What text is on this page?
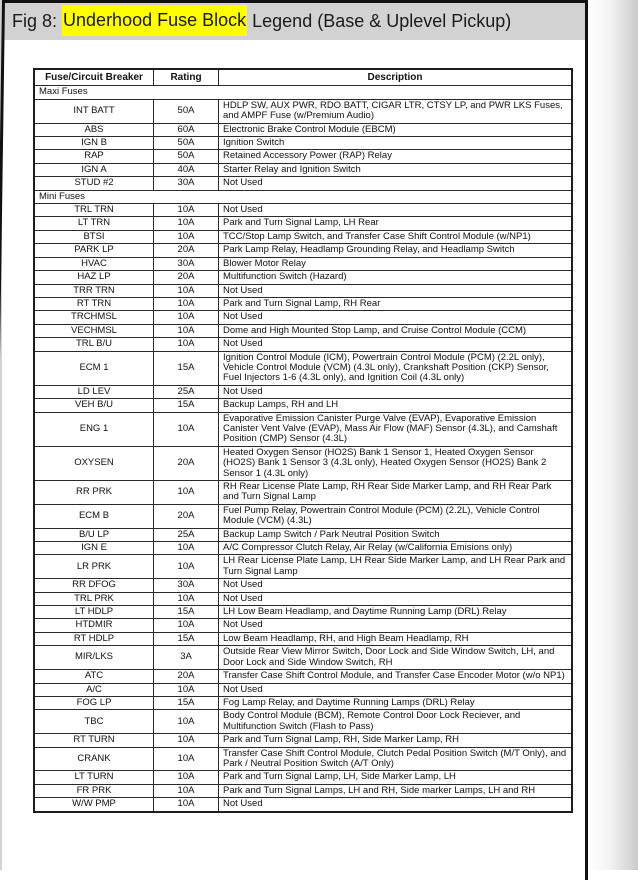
Fig 8: Underhood Fuse Block Legend (Base & Uplevel Pickup)
Fuse/Circuit Breaker	Rating	Description
Maxi Fuses		
INT BATT	50A	HDLP SW, AUX PWR, RDO BATT, CIGAR LTR, CTSY LP, and PWR LKS Fuses, and AMPF Fuse (w/Premium Audio)
ABS	60A	Electronic Brake Control Module (EBCM)
IGN B	50A	Ignition Switch
RAP	50A	Retained Accessory Power (RAP) Relay
IGN A	40A	Starter Relay and Ignition Switch
STUD #2	30A	Not Used
Mini Fuses		
TRL TRN	10A	Not Used
LT TRN	10A	Park and Turn Signal Lamp, LH Rear
BTSI	10A	TCC/Stop Lamp Switch, and Transfer Case Shift Control Module (w/NP1)
PARK LP	20A	Park Lamp Relay, Headlamp Grounding Relay, and Headlamp Switch
HVAC	30A	Blower Motor Relay
HAZ LP	20A	Multifunction Switch (Hazard)
TRR TRN	10A	Not Used
RT TRN	10A	Park and Turn Signal Lamp, RH Rear
TRCHMSL	10A	Not Used
VECHMSL	10A	Dome and High Mounted Stop Lamp, and Cruise Control Module (CCM)
TRL B/U	10A	Not Used
ECM 1	15A	Ignition Control Module (ICM), Powertrain Control Module (PCM) (2.2L only), Vehicle Control Module (VCM) (4.3L only), Crankshaft Position (CKP) Sensor, Fuel Injectors 1-6 (4.3L only), and Ignition Coil (4.3L only)
LD LEV	25A	Not Used
VEH B/U	15A	Backup Lamps, RH and LH
ENG 1	10A	Evaporative Emission Canister Purge Valve (EVAP), Evaporative Emission Canister Vent Valve (EVAP), Mass Air Flow (MAF) Sensor (4.3L), and Camshaft Position (CMP) Sensor (4.3L)
OXYSEN	20A	Heated Oxygen Sensor (HO2S) Bank 1 Sensor 1, Heated Oxygen Sensor (HO2S) Bank 1 Sensor 3 (4.3L only), Heated Oxygen Sensor (HO2S) Bank 2 Sensor 1 (4.3L only)
RR PRK	10A	RH Rear License Plate Lamp, RH Rear Side Marker Lamp, and RH Rear Park and Turn Signal Lamp
ECM B	20A	Fuel Pump Relay, Powertrain Control Module (PCM) (2.2L), Vehicle Control Module (VCM) (4.3L)
B/U LP	25A	Backup Lamp Switch / Park Neutral Position Switch
IGN E	10A	A/C Compressor Clutch Relay, Air Relay (w/California Emisions only)
LR PRK	10A	LH Rear License Plate Lamp, LH Rear Side Marker Lamp, and LH Rear Park and Turn Signal Lamp
RR DFOG	30A	Not Used
TRL PRK	10A	Not Used
LT HDLP	15A	LH Low Beam Headlamp, and Daytime Running Lamp (DRL) Relay
HTDMIR	10A	Not Used
RT HDLP	15A	Low Beam Headlamp, RH, and High Beam Headlamp, RH
MIR/LKS	3A	Outside Rear View Mirror Switch, Door Lock and Side Window Switch, LH, and Door Lock and Side Window Switch, RH
ATC	20A	Transfer Case Shift Control Module, and Transfer Case Encoder Motor (w/o NP1)
A/C	10A	Not Used
FOG LP	15A	Fog Lamp Relay, and Daytime Running Lamps (DRL) Relay
TBC	10A	Body Control Module (BCM), Remote Control Door Lock Reciever, and Multifunction Switch (Flash to Pass)
RT TURN	10A	Park and Turn Signal Lamp, RH, Side Marker Lamp, RH
CRANK	10A	Transfer Case Shift Control Module, Clutch Pedal Position Switch (M/T Only), and Park / Neutral Position Switch (A/T Only)
LT TURN	10A	Park and Turn Signal Lamp, LH, Side Marker Lamp, LH
FR PRK	10A	Park and Turn Signal Lamps, LH and RH, Side marker Lamps, LH and RH
W/W PMP	10A	Not Used
